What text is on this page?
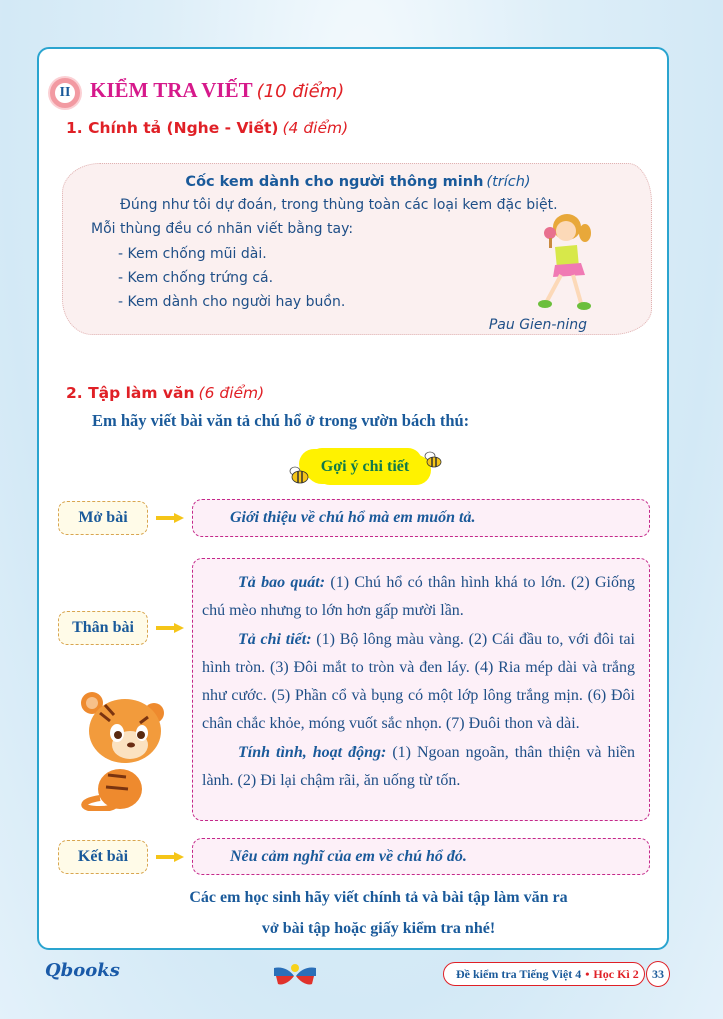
II KIỂM TRA VIẾT (10 điểm)
1. Chính tả (Nghe - Viết) (4 điểm)
Cốc kem dành cho người thông minh (trích)
Đúng như tôi dự đoán, trong thùng toàn các loại kem đặc biệt.
Mỗi thùng đều có nhãn viết bằng tay:
- Kem chống mũi dài.
- Kem chống trứng cá.
- Kem dành cho người hay buồn.
Pau Gien-ning
2. Tập làm văn (6 điểm)
Em hãy viết bài văn tả chú hổ ở trong vườn bách thú:
Gợi ý chi tiết
Mở bài	Giới thiệu về chú hổ mà em muốn tả.
Thân bài

Tả bao quát: (1) Chú hổ có thân hình khá to lớn. (2) Giống chú mèo nhưng to lớn hơn gấp mười lần.

Tả chi tiết: (1) Bộ lông màu vàng. (2) Cái đầu to, với đôi tai hình tròn. (3) Đôi mắt to tròn và đen láy. (4) Ria mép dài và trắng như cước. (5) Phần cổ và bụng có một lớp lông trắng mịn. (6) Đôi chân chắc khỏe, móng vuốt sắc nhọn. (7) Đuôi thon và dài.

Tính tình, hoạt động: (1) Ngoan ngoãn, thân thiện và hiền lành. (2) Đi lại chậm rãi, ăn uống từ tốn.

Kết bài	Nêu cảm nghĩ của em về chú hổ đó.
Các em học sinh hãy viết chính tả và bài tập làm văn ra
vở bài tập hoặc giấy kiểm tra nhé!
Qbooks	Đề kiểm tra Tiếng Việt 4 • Học Kì 2 33
